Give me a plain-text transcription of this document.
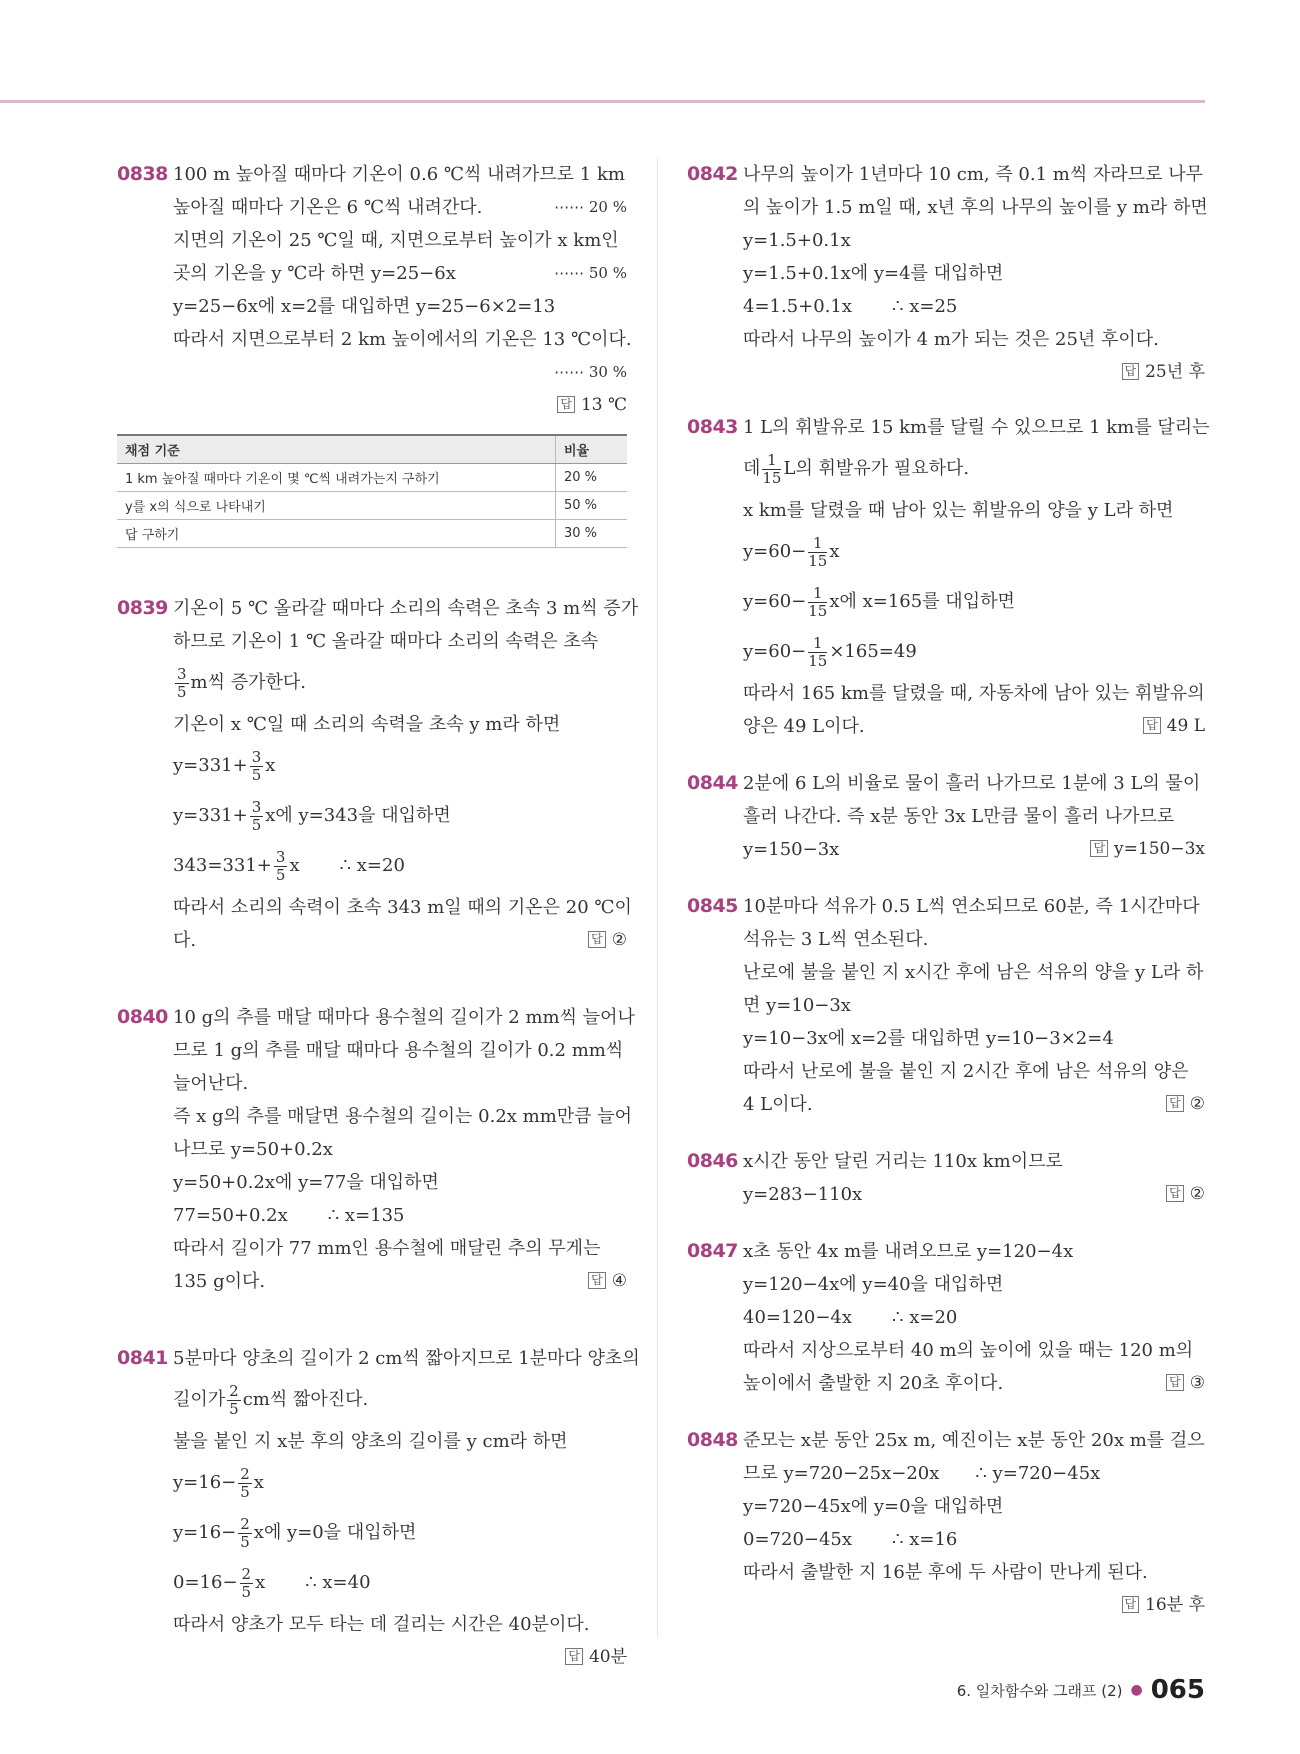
0838 100 m 높아질 때마다 기온이 0.6 ℃씩 내려가므로 1 km
높아질 때마다 기온은 6 ℃씩 내려간다.	⋯⋯ 20 %
지면의 기온이 25 ℃일 때, 지면으로부터 높이가 x km인
곳의 기온을 y ℃라 하면 y=25−6x	⋯⋯ 50 %
y=25−6x에 x=2를 대입하면 y=25−6×2=13
따라서 지면으로부터 2 km 높이에서의 기온은 13 ℃이다.
⋯⋯ 30 %
답 13 ℃
채점 기준	비율
1 km 높아질 때마다 기온이 몇 ℃씩 내려가는지 구하기	20 %
y를 x의 식으로 나타내기	50 %
답 구하기	30 %
0839 기온이 5 ℃ 올라갈 때마다 소리의 속력은 초속 3 m씩 증가
하므로 기온이 1 ℃ 올라갈 때마다 소리의 속력은 초속
$\frac{3}{5}$ m씩 증가한다.
기온이 x ℃일 때 소리의 속력을 초속 y m라 하면
$y=331+ \frac{3}{5}$ x
$y=331+ \frac{3}{5}$ x에 y=343을 대입하면
$343=331+ \frac{3}{5}$ x ∴ x=20
따라서 소리의 속력이 초속 343 m일 때의 기온은 20 ℃이
다.	답 ②
0840 10 g의 추를 매달 때마다 용수철의 길이가 2 mm씩 늘어나
므로 1 g의 추를 매달 때마다 용수철의 길이가 0.2 mm씩
늘어난다.
즉 x g의 추를 매달면 용수철의 길이는 0.2x mm만큼 늘어
나므로 y=50+0.2x
y=50+0.2x에 y=77을 대입하면
77=50+0.2x ∴ x=135
따라서 길이가 77 mm인 용수철에 매달린 추의 무게는
135 g이다.	답 ④
0841 5분마다 양초의 길이가 2 cm씩 짧아지므로 1분마다 양초의
길이가 $\frac{2}{5}$ cm씩 짧아진다.
불을 붙인 지 x분 후의 양초의 길이를 y cm라 하면
$y=16- \frac{2}{5}$ x
$y=16- \frac{2}{5}$ x에 y=0을 대입하면
$0=16- \frac{2}{5}$ x ∴ x=40
따라서 양초가 모두 타는 데 걸리는 시간은 40분이다.
답 40분
0842 나무의 높이가 1년마다 10 cm, 즉 0.1 m씩 자라므로 나무
의 높이가 1.5 m일 때, x년 후의 나무의 높이를 y m라 하면
y=1.5+0.1x
y=1.5+0.1x에 y=4를 대입하면
4=1.5+0.1x ∴ x=25
따라서 나무의 높이가 4 m가 되는 것은 25년 후이다.
답 25년 후
0843 1 L의 휘발유로 15 km를 달릴 수 있으므로 1 km를 달리는
데 $\frac{1}{15}$ L의 휘발유가 필요하다.
x km를 달렸을 때 남아 있는 휘발유의 양을 y L라 하면
$y=60- \frac{1}{15}$ x
$y=60- \frac{1}{15}$ x에 x=165를 대입하면
$y=60- \frac{1}{15} \times 165=49$
따라서 165 km를 달렸을 때, 자동차에 남아 있는 휘발유의
양은 49 L이다.	답 49 L
0844 2분에 6 L의 비율로 물이 흘러 나가므로 1분에 3 L의 물이
흘러 나간다. 즉 x분 동안 3x L만큼 물이 흘러 나가므로
y=150−3x	답 y=150−3x
0845 10분마다 석유가 0.5 L씩 연소되므로 60분, 즉 1시간마다
석유는 3 L씩 연소된다.
난로에 불을 붙인 지 x시간 후에 남은 석유의 양을 y L라 하
면 y=10−3x
y=10−3x에 x=2를 대입하면 y=10−3×2=4
따라서 난로에 불을 붙인 지 2시간 후에 남은 석유의 양은
4 L이다.	답 ②
0846 x시간 동안 달린 거리는 110x km이므로
y=283−110x	답 ②
0847 x초 동안 4x m를 내려오므로 y=120−4x
y=120−4x에 y=40을 대입하면
40=120−4x ∴ x=20
따라서 지상으로부터 40 m의 높이에 있을 때는 120 m의
높이에서 출발한 지 20초 후이다.	답 ③
0848 준모는 x분 동안 25x m, 예진이는 x분 동안 20x m를 걸으
므로 y=720−25x−20x ∴ y=720−45x
y=720−45x에 y=0을 대입하면
0=720−45x ∴ x=16
따라서 출발한 지 16분 후에 두 사람이 만나게 된다.
답 16분 후
6. 일차함수와 그래프 (2) ● 065
